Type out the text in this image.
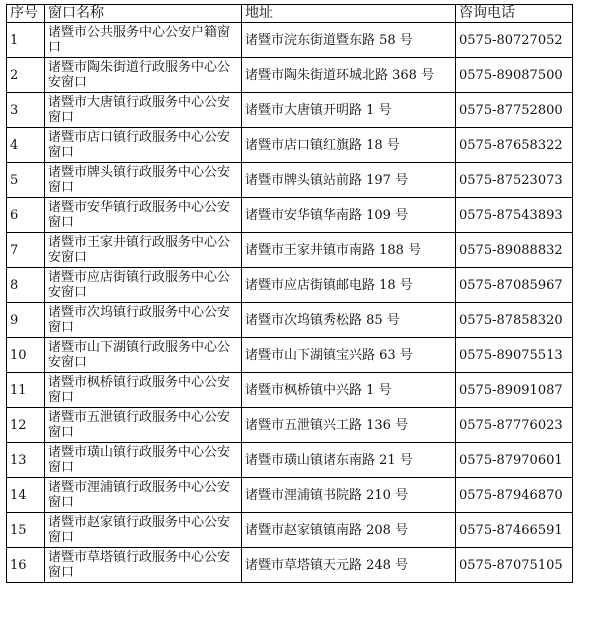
序号	窗口名称	地址	咨询电话
1	诸暨市公共服务中心公安户籍窗口	诸暨市浣东街道暨东路 58 号	0575-80727052
2	诸暨市陶朱街道行政服务中心公安窗口	诸暨市陶朱街道环城北路 368 号	0575-89087500
3	诸暨市大唐镇行政服务中心公安窗口	诸暨市大唐镇开明路 1 号	0575-87752800
4	诸暨市店口镇行政服务中心公安窗口	诸暨市店口镇红旗路 18 号	0575-87658322
5	诸暨市牌头镇行政服务中心公安窗口	诸暨市牌头镇站前路 197 号	0575-87523073
6	诸暨市安华镇行政服务中心公安窗口	诸暨市安华镇华南路 109 号	0575-87543893
7	诸暨市王家井镇行政服务中心公安窗口	诸暨市王家井镇市南路 188 号	0575-89088832
8	诸暨市应店街镇行政服务中心公安窗口	诸暨市应店街镇邮电路 18 号	0575-87085967
9	诸暨市次坞镇行政服务中心公安窗口	诸暨市次坞镇秀松路 85 号	0575-87858320
10	诸暨市山下湖镇行政服务中心公安窗口	诸暨市山下湖镇宝兴路 63 号	0575-89075513
11	诸暨市枫桥镇行政服务中心公安窗口	诸暨市枫桥镇中兴路 1 号	0575-89091087
12	诸暨市五泄镇行政服务中心公安窗口	诸暨市五泄镇兴工路 136 号	0575-87776023
13	诸暨市璜山镇行政服务中心公安窗口	诸暨市璜山镇诸东南路 21 号	0575-87970601
14	诸暨市浬浦镇行政服务中心公安窗口	诸暨市浬浦镇书院路 210 号	0575-87946870
15	诸暨市赵家镇行政服务中心公安窗口	诸暨市赵家镇镇南路 208 号	0575-87466591
16	诸暨市草塔镇行政服务中心公安窗口	诸暨市草塔镇天元路 248 号	0575-87075105
